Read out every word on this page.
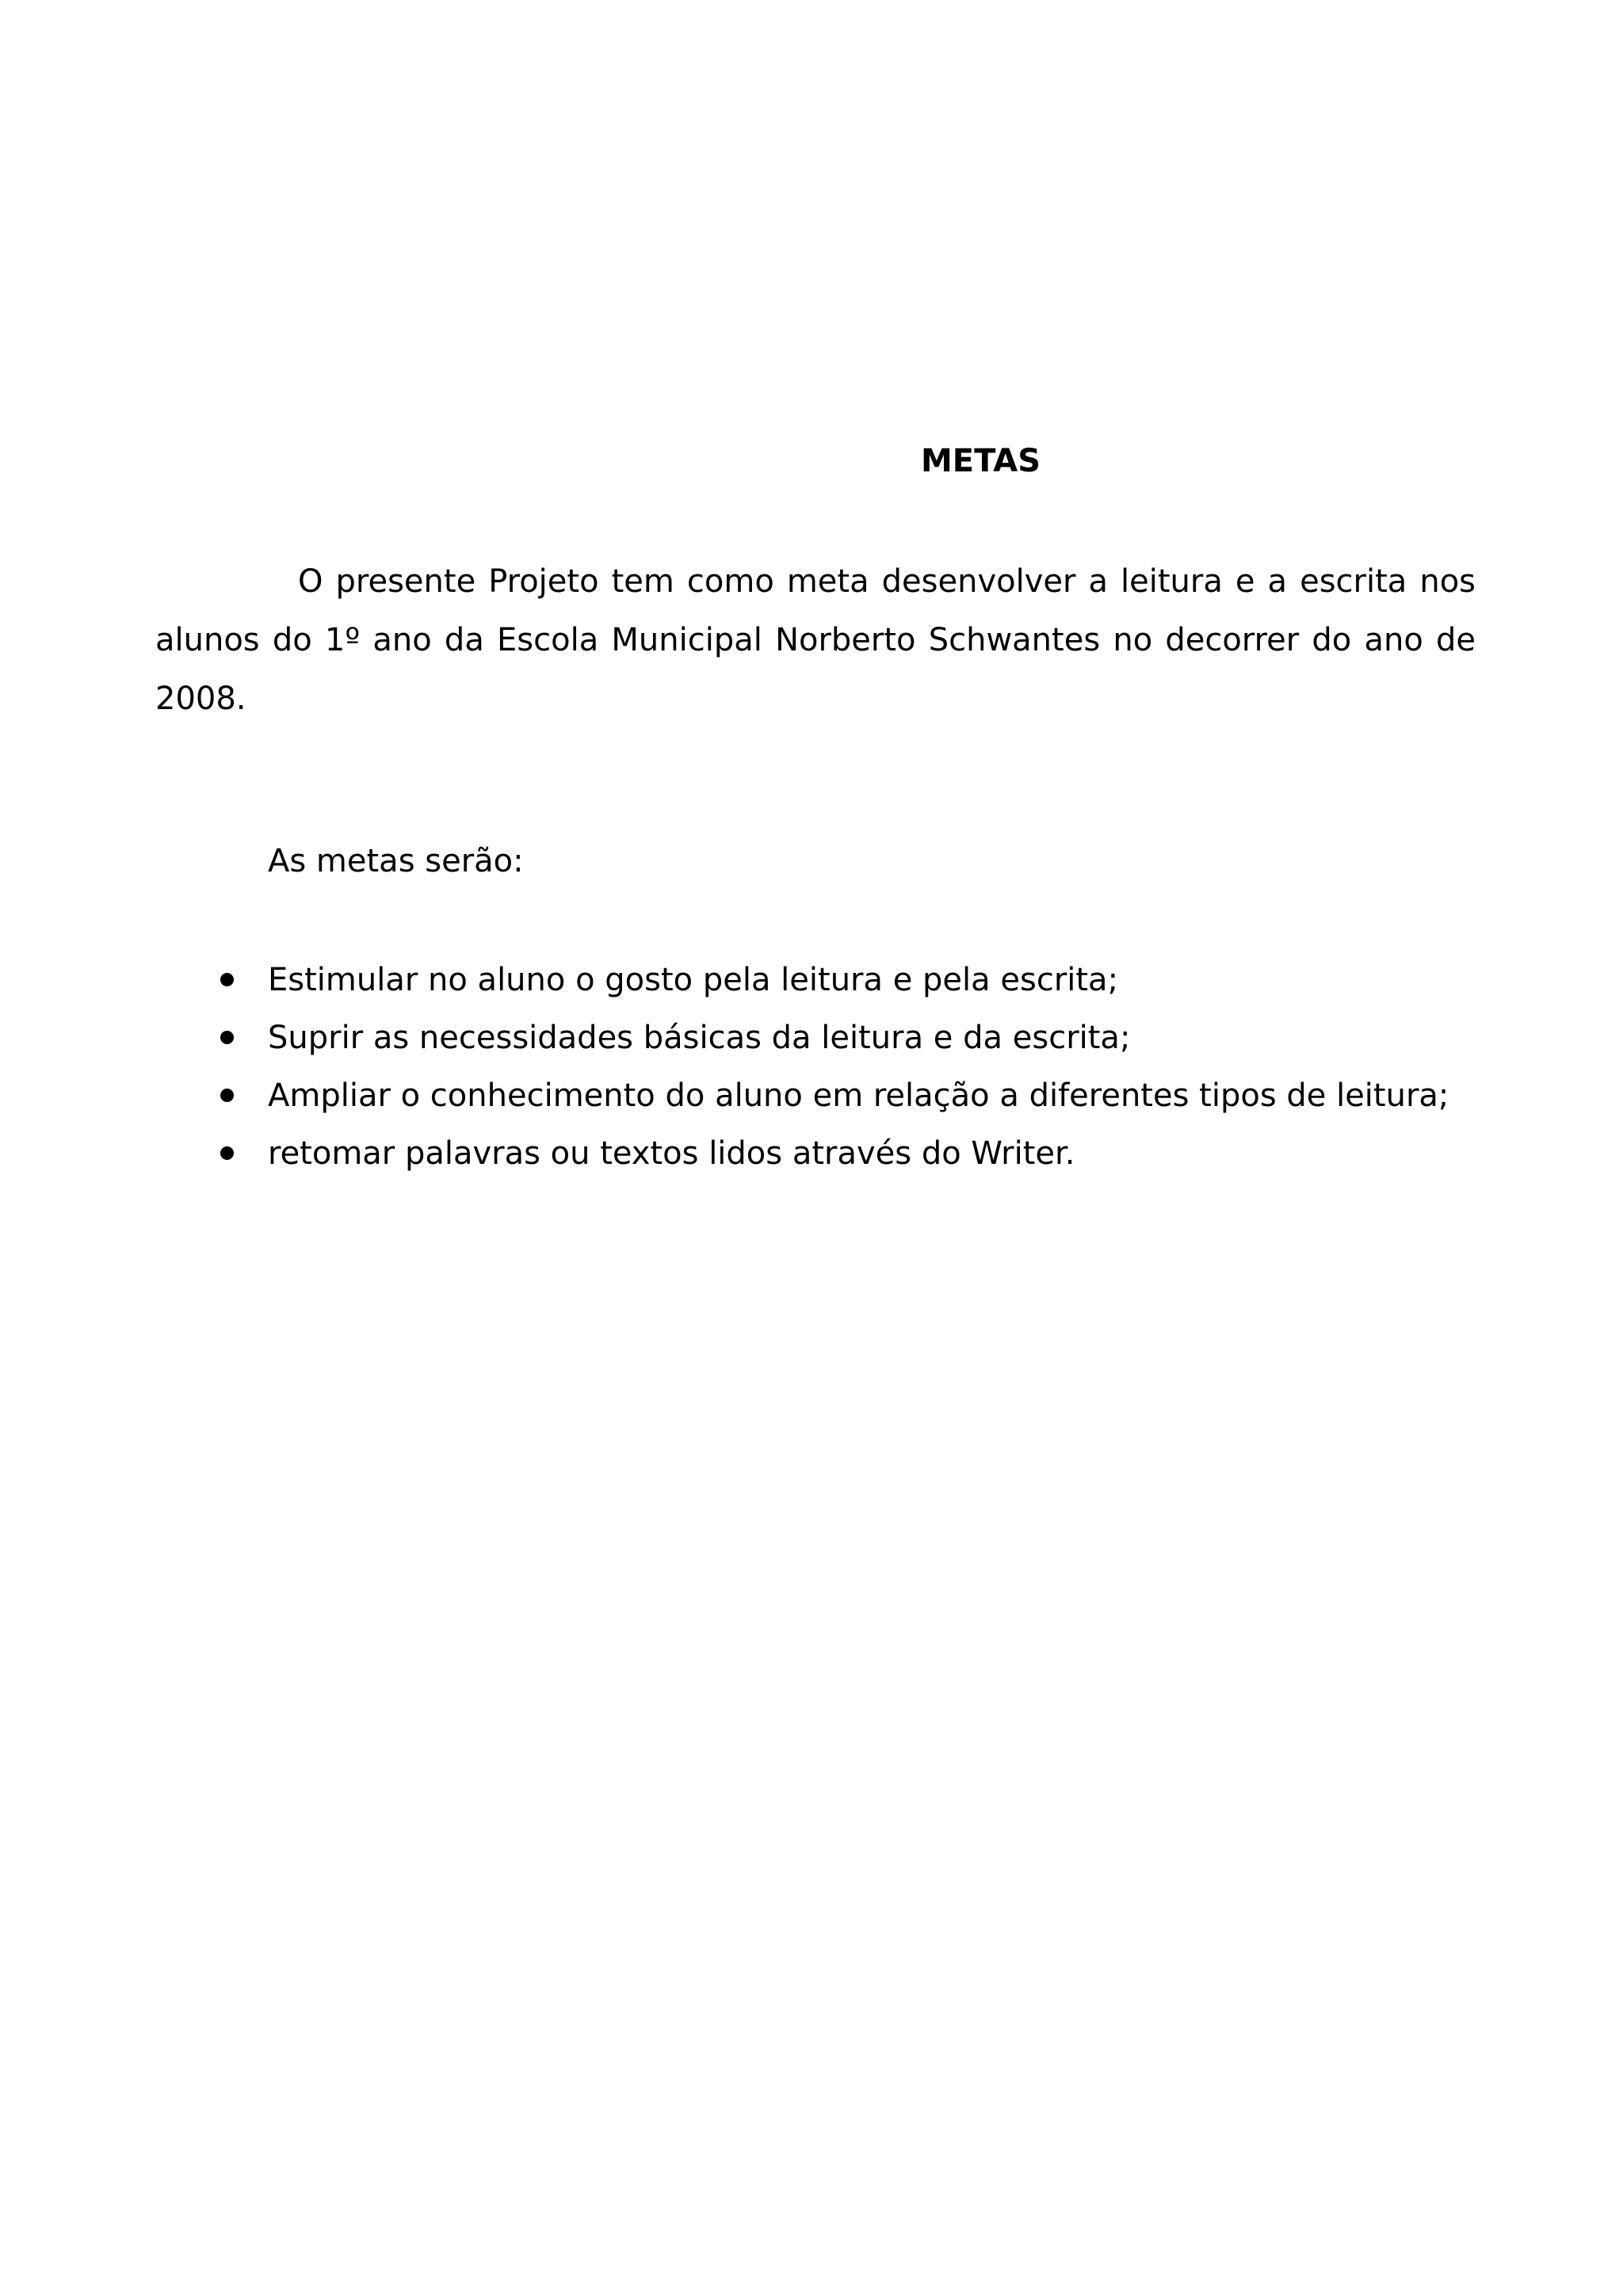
METAS

O presente Projeto tem como meta desenvolver a leitura e a escrita nos alunos do 1º ano da Escola Municipal Norberto Schwantes no decorrer do ano de 2008.

As metas serão:
Estimular no aluno o gosto pela leitura e pela escrita;
Suprir as necessidades básicas da leitura e da escrita;
Ampliar o conhecimento do aluno em relação a diferentes tipos de leitura;
retomar palavras ou textos lidos através do Writer.
